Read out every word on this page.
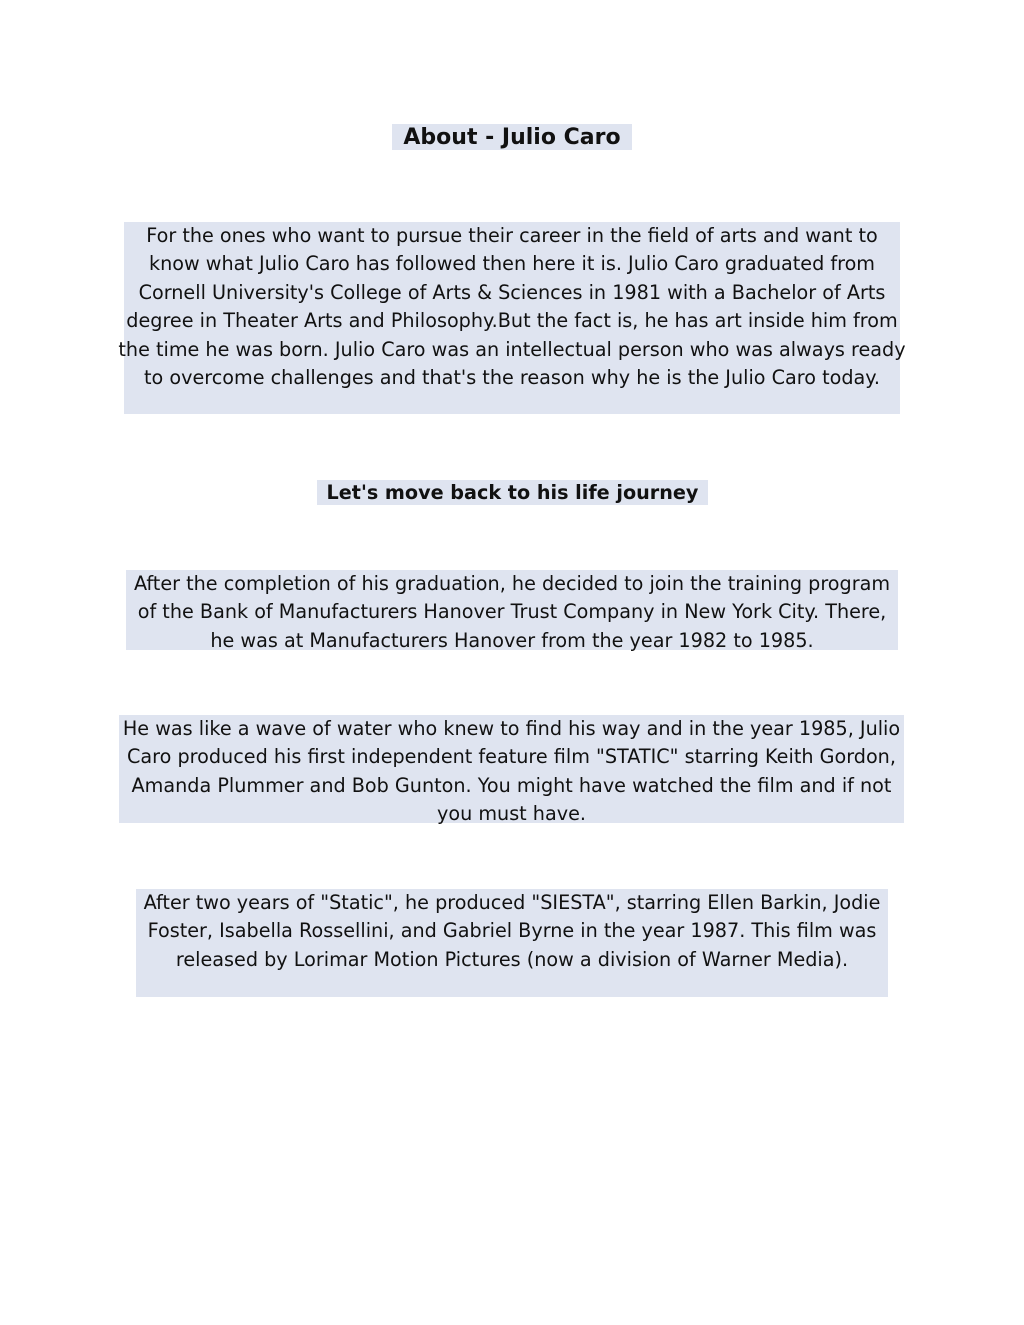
About - Julio Caro

For the ones who want to pursue their career in the field of arts and want to know what Julio Caro has followed then here it is. Julio Caro graduated from Cornell University's College of Arts & Sciences in 1981 with a Bachelor of Arts degree in Theater Arts and Philosophy.But the fact is, he has art inside him from the time he was born. Julio Caro was an intellectual person who was always ready to overcome challenges and that's the reason why he is the Julio Caro today.

Let's move back to his life journey

After the completion of his graduation, he decided to join the training program of the Bank of Manufacturers Hanover Trust Company in New York City. There, he was at Manufacturers Hanover from the year 1982 to 1985.

He was like a wave of water who knew to find his way and in the year 1985, Julio Caro produced his first independent feature film "STATIC" starring Keith Gordon, Amanda Plummer and Bob Gunton. You might have watched the film and if not you must have.

After two years of "Static", he produced "SIESTA", starring Ellen Barkin, Jodie Foster, Isabella Rossellini, and Gabriel Byrne in the year 1987. This film was released by Lorimar Motion Pictures (now a division of Warner Media).
